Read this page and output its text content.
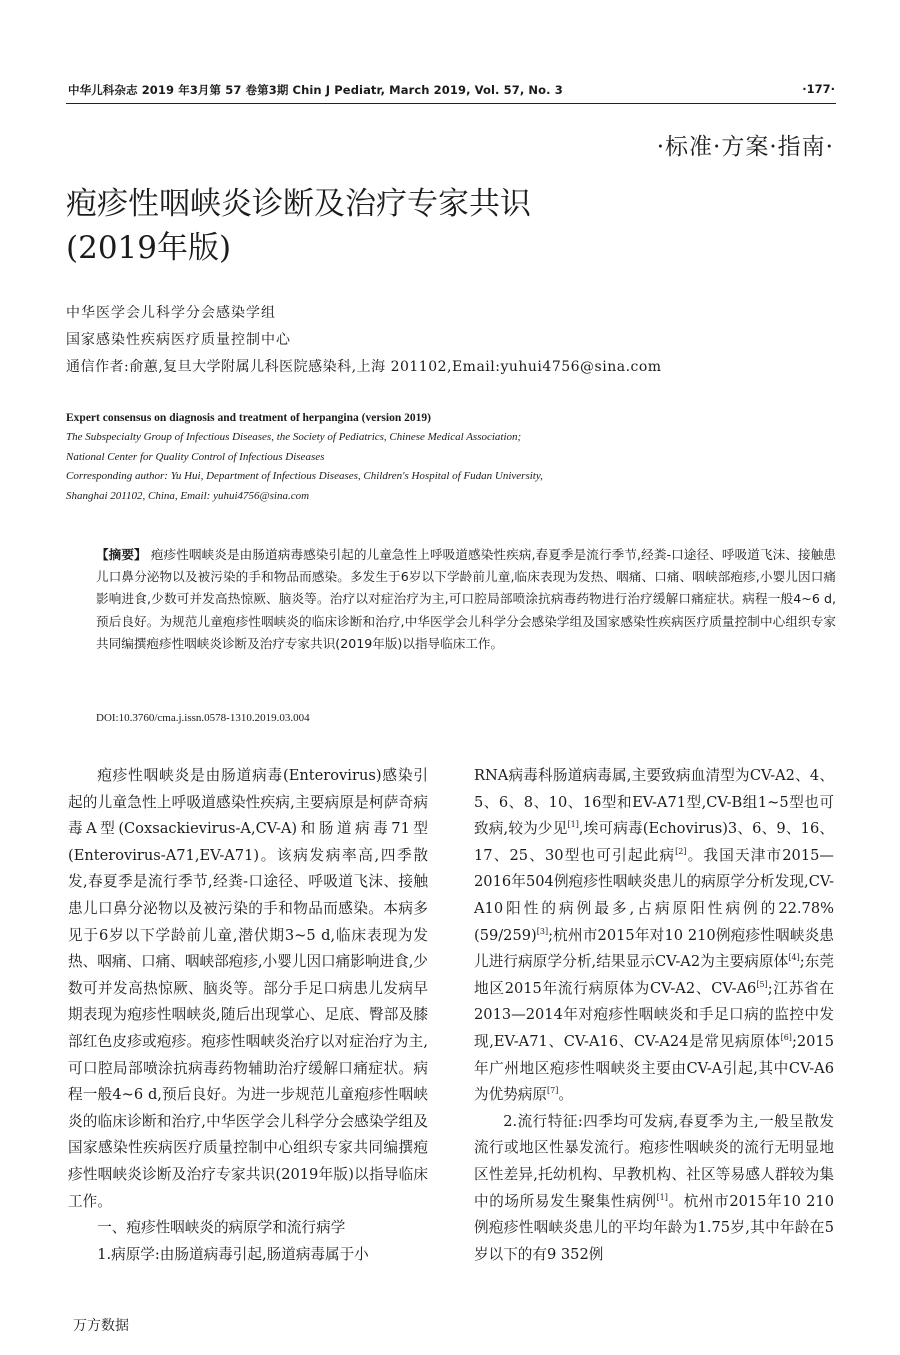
中华儿科杂志 2019 年3月第 57 卷第3期 Chin J Pediatr, March 2019, Vol. 57, No. 3	·177·
·标准·方案·指南·
疱疹性咽峡炎诊断及治疗专家共识
(2019年版)
中华医学会儿科学分会感染学组
国家感染性疾病医疗质量控制中心
通信作者:俞蕙,复旦大学附属儿科医院感染科,上海 201102,Email:yuhui4756@sina.com
Expert consensus on diagnosis and treatment of herpangina (version 2019)
The Subspecialty Group of Infectious Diseases, the Society of Pediatrics, Chinese Medical Association;
National Center for Quality Control of Infectious Diseases
Corresponding author: Yu Hui, Department of Infectious Diseases, Children's Hospital of Fudan University,
Shanghai 201102, China, Email: yuhui4756@sina.com
【摘要】 疱疹性咽峡炎是由肠道病毒感染引起的儿童急性上呼吸道感染性疾病,春夏季是流行季节,经粪-口途径、呼吸道飞沫、接触患儿口鼻分泌物以及被污染的手和物品而感染。多发生于6岁以下学龄前儿童,临床表现为发热、咽痛、口痛、咽峡部疱疹,小婴儿因口痛影响进食,少数可并发高热惊厥、脑炎等。治疗以对症治疗为主,可口腔局部喷涂抗病毒药物进行治疗缓解口痛症状。病程一般4~6 d,预后良好。为规范儿童疱疹性咽峡炎的临床诊断和治疗,中华医学会儿科学分会感染学组及国家感染性疾病医疗质量控制中心组织专家共同编撰疱疹性咽峡炎诊断及治疗专家共识(2019年版)以指导临床工作。
DOI:10.3760/cma.j.issn.0578-1310.2019.03.004

疱疹性咽峡炎是由肠道病毒(Enterovirus)感染引起的儿童急性上呼吸道感染性疾病,主要病原是柯萨奇病毒A型(Coxsackievirus-A,CV-A)和肠道病毒71型(Enterovirus-A71,EV-A71)。该病发病率高,四季散发,春夏季是流行季节,经粪-口途径、呼吸道飞沫、接触患儿口鼻分泌物以及被污染的手和物品而感染。本病多见于6岁以下学龄前儿童,潜伏期3~5 d,临床表现为发热、咽痛、口痛、咽峡部疱疹,小婴儿因口痛影响进食,少数可并发高热惊厥、脑炎等。部分手足口病患儿发病早期表现为疱疹性咽峡炎,随后出现掌心、足底、臀部及膝部红色皮疹或疱疹。疱疹性咽峡炎治疗以对症治疗为主,可口腔局部喷涂抗病毒药物辅助治疗缓解口痛症状。病程一般4~6 d,预后良好。为进一步规范儿童疱疹性咽峡炎的临床诊断和治疗,中华医学会儿科学分会感染学组及国家感染性疾病医疗质量控制中心组织专家共同编撰疱疹性咽峡炎诊断及治疗专家共识(2019年版)以指导临床工作。

一、疱疹性咽峡炎的病原学和流行病学

1.病原学:由肠道病毒引起,肠道病毒属于小

RNA病毒科肠道病毒属,主要致病血清型为CV-A2、4、5、6、8、10、16型和EV-A71型,CV-B组1~5型也可致病,较为少见[1],埃可病毒(Echovirus)3、6、9、16、17、25、30型也可引起此病[2]。我国天津市2015—2016年504例疱疹性咽峡炎患儿的病原学分析发现,CV-A10阳性的病例最多,占病原阳性病例的22.78%(59/259)[3];杭州市2015年对10 210例疱疹性咽峡炎患儿进行病原学分析,结果显示CV-A2为主要病原体[4];东莞地区2015年流行病原体为CV-A2、CV-A6[5];江苏省在2013—2014年对疱疹性咽峡炎和手足口病的监控中发现,EV-A71、CV-A16、CV-A24是常见病原体[6];2015年广州地区疱疹性咽峡炎主要由CV-A引起,其中CV-A6为优势病原[7]。

2.流行特征:四季均可发病,春夏季为主,一般呈散发流行或地区性暴发流行。疱疹性咽峡炎的流行无明显地区性差异,托幼机构、早教机构、社区等易感人群较为集中的场所易发生聚集性病例[1]。杭州市2015年10 210例疱疹性咽峡炎患儿的平均年龄为1.75岁,其中年龄在5岁以下的有9 352例

万方数据
